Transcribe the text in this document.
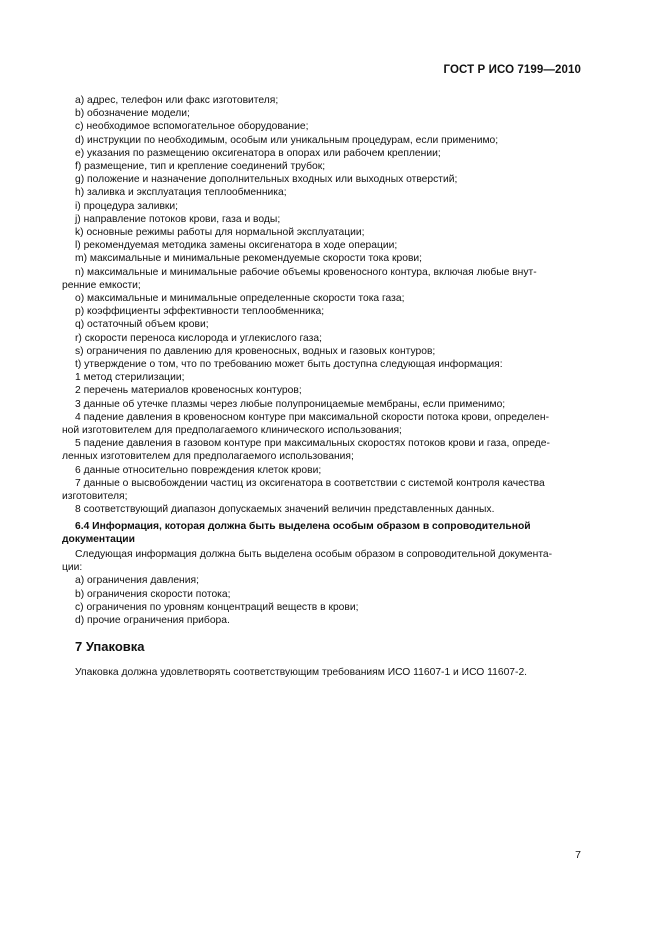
ГОСТ Р ИСО 7199—2010

a) адрес, телефон или факс изготовителя;

b) обозначение модели;

c) необходимое вспомогательное оборудование;

d) инструкции по необходимым, особым или уникальным процедурам, если применимо;

e) указания по размещению оксигенатора в опорах или рабочем креплении;

f) размещение, тип и крепление соединений трубок;

g) положение и назначение дополнительных входных или выходных отверстий;

h) заливка и эксплуатация теплообменника;

i) процедура заливки;

j) направление потоков крови, газа и воды;

k) основные режимы работы для нормальной эксплуатации;

l) рекомендуемая методика замены оксигенатора в ходе операции;

m) максимальные и минимальные рекомендуемые скорости тока крови;

n) максимальные и минимальные рабочие объемы кровеносного контура, включая любые внут-

ренние емкости;

o) максимальные и минимальные определенные скорости тока газа;

p) коэффициенты эффективности теплообменника;

q) остаточный объем крови;

r) скорости переноса кислорода и углекислого газа;

s) ограничения по давлению для кровеносных, водных и газовых контуров;

t) утверждение о том, что по требованию может быть доступна следующая информация:

1 метод стерилизации;

2 перечень материалов кровеносных контуров;

3 данные об утечке плазмы через любые полупроницаемые мембраны, если применимо;

4 падение давления в кровеносном контуре при максимальной скорости потока крови, определен-

ной изготовителем для предполагаемого клинического использования;

5 падение давления в газовом контуре при максимальных скоростях потоков крови и газа, опреде-

ленных изготовителем для предполагаемого использования;

6 данные относительно повреждения клеток крови;

7 данные о высвобождении частиц из оксигенатора в соответствии с системой контроля качества

изготовителя;

8 соответствующий диапазон допускаемых значений величин представленных данных.

6.4 Информация, которая должна быть выделена особым образом в сопроводительной
документации

Следующая информация должна быть выделена особым образом в сопроводительной документа-

ции:

a) ограничения давления;

b) ограничения скорости потока;

c) ограничения по уровням концентраций веществ в крови;

d) прочие ограничения прибора.

7 Упаковка

Упаковка должна удовлетворять соответствующим требованиям ИСО 11607-1 и ИСО 11607-2.

7
